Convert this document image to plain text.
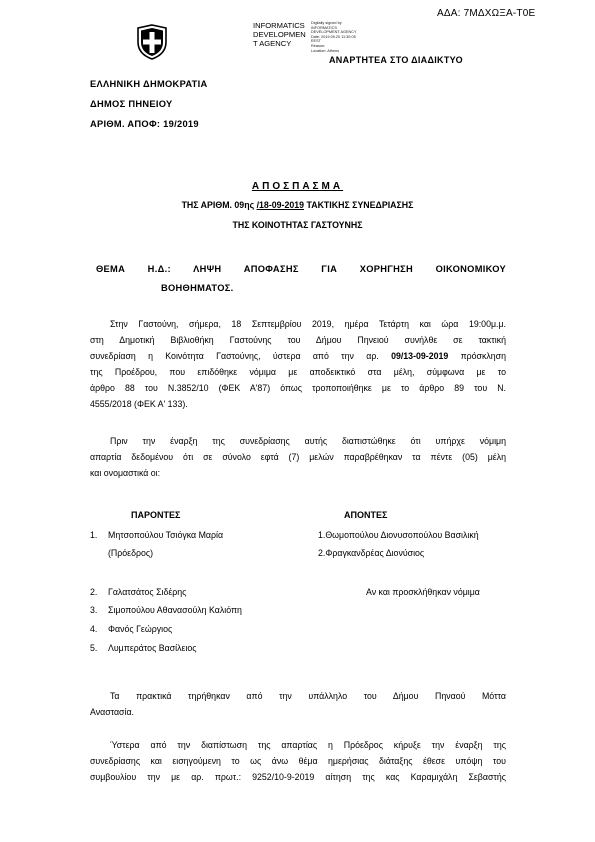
ΑΔΑ: 7ΜΔΧΩΞΑ-Τ0Ε
INFORMATICS
DEVELOPMEN
T AGENCY
Digitally signed by
INFORMATICS
DEVELOPMENT AGENCY
Date: 2019.09.20 11:30:05
EEST
Reason:
Location: Athens
ΑΝΑΡΤΗΤΕΑ ΣΤΟ ΔΙΑΔΙΚΤΥΟ
ΕΛΛΗΝΙΚΗ ΔΗΜΟΚΡΑΤΙΑ
ΔΗΜΟΣ ΠΗΝΕΙΟΥ
ΑΡΙΘΜ. ΑΠΟΦ: 19/2019
ΑΠΟΣΠΑΣΜΑ
ΤΗΣ ΑΡΙΘΜ. 09ης /18-09-2019 ΤΑΚΤΙΚΗΣ ΣΥΝΕΔΡΙΑΣΗΣ
ΤΗΣ ΚΟΙΝΟΤΗΤΑΣ ΓΑΣΤΟΥΝΗΣ
ΘΕΜΑ Η.Δ.: ΛΗΨΗ ΑΠΟΦΑΣΗΣ ΓΙΑ ΧΟΡΗΓΗΣΗ ΟΙΚΟΝΟΜΙΚΟΥ
ΒΟΗΘΗΜΑΤΟΣ.
Στην Γαστούνη, σήμερα, 18 Σεπτεμβρίου 2019, ημέρα Τετάρτη και ώρα 19:00μ.μ.
στη Δημοτική Βιβλιοθήκη Γαστούνης του Δήμου Πηνειού συνήλθε σε τακτική
συνεδρίαση η Κοινότητα Γαστούνης, ύστερα από την αρ. 09/13-09-2019 πρόσκληση
της Προέδρου, που επιδόθηκε νόμιμα με αποδεικτικό στα μέλη, σύμφωνα με το
άρθρο 88 του Ν.3852/10 (ΦΕΚ Α'87) όπως τροποποιήθηκε με το άρθρο 89 του Ν.
4555/2018 (ΦΕΚ Α' 133).
Πριν την έναρξη της συνεδρίασης αυτής διαπιστώθηκε ότι υπήρχε νόμιμη
απαρτία δεδομένου ότι σε σύνολο εφτά (7) μελών παραβρέθηκαν τα πέντε (05) μέλη
και ονομαστικά οι:
ΠΑΡΟΝΤΕΣ	ΑΠΟΝΤΕΣ
1. Μητσοπούλου Τσιόγκα Μαρία
(Πρόεδρος)
2. Γαλατσάτος Σιδέρης
3. Σιμοπούλου Αθανασούλη Καλιόπη
4. Φανός Γεώργιος
5. Λυμπεράτος Βασίλειος
1.Θωμοπούλου Διονυσοπούλου Βασιλική
2.Φραγκανδρέας Διονύσιος
Αν και προσκλήθηκαν νόμιμα
Τα πρακτικά τηρήθηκαν από την υπάλληλο του Δήμου Πηναού Μόττα
Αναστασία.
Ύστερα από την διαπίστωση της απαρτίας η Πρόεδρος κήρυξε την έναρξη της
συνεδρίασης και εισηγούμενη το ως άνω θέμα ημερήσιας διάταξης έθεσε υπόψη του
συμβουλίου την με αρ. πρωτ.: 9252/10-9-2019 αίτηση της κας Καραμιχάλη Σεβαστής
